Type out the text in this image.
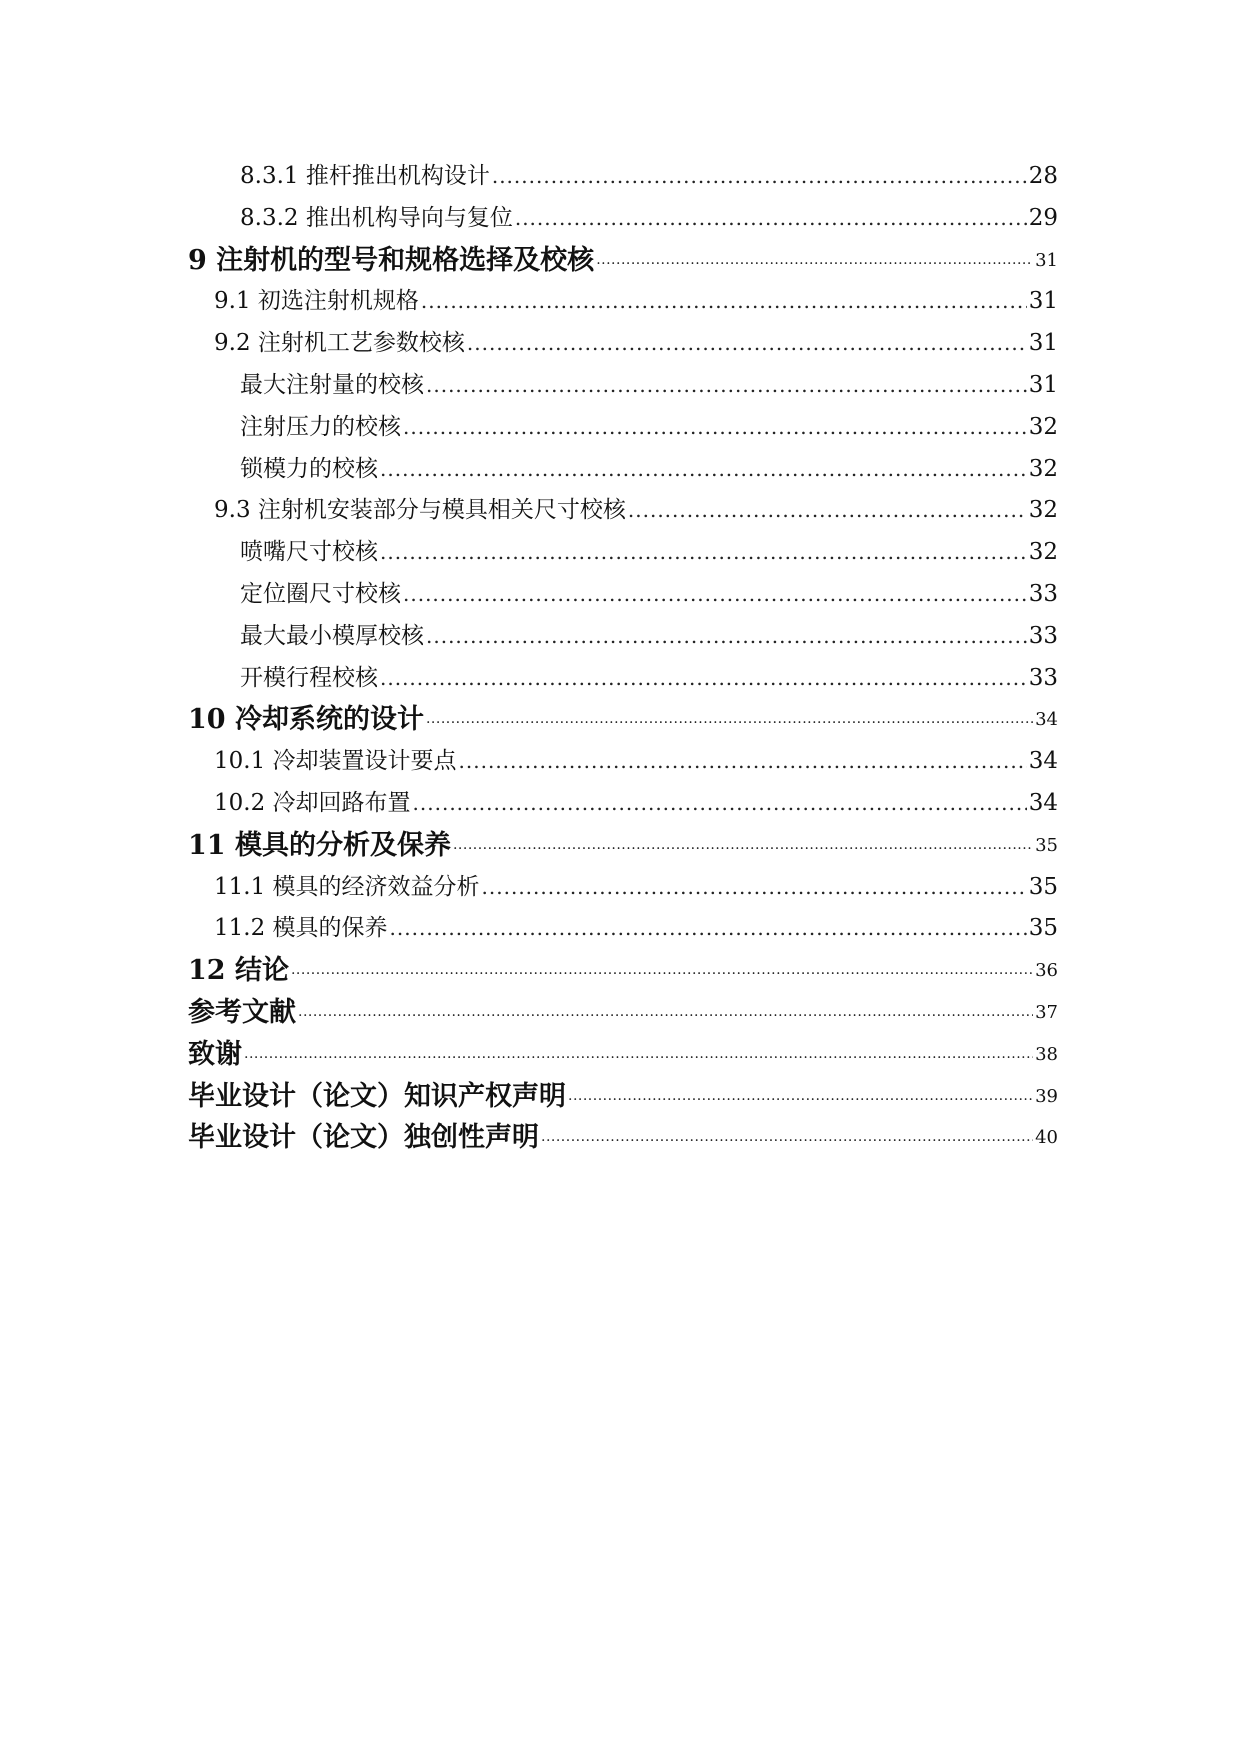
8.3.1 推杆推出机构设计 .....	28
8.3.2 推出机构导向与复位 .....	29
9 注射机的型号和规格选择及校核 .....	31
9.1 初选注射机规格 .....	31
9.2 注射机工艺参数校核 .....	31
最大注射量的校核 .....	31
注射压力的校核 .....	32
锁模力的校核 .....	32
9.3 注射机安装部分与模具相关尺寸校核 .....	32
喷嘴尺寸校核 .....	32
定位圈尺寸校核 .....	33
最大最小模厚校核 .....	33
开模行程校核 .....	33
10 冷却系统的设计 .....	34
10.1 冷却装置设计要点 .....	34
10.2 冷却回路布置 .....	34
11 模具的分析及保养 .....	35
11.1 模具的经济效益分析 .....	35
11.2 模具的保养 .....	35
12 结论 .....	36
参考文献 .....	37
致谢 .....	38
毕业设计（论文）知识产权声明 .....	39
毕业设计（论文）独创性声明 .....	40
